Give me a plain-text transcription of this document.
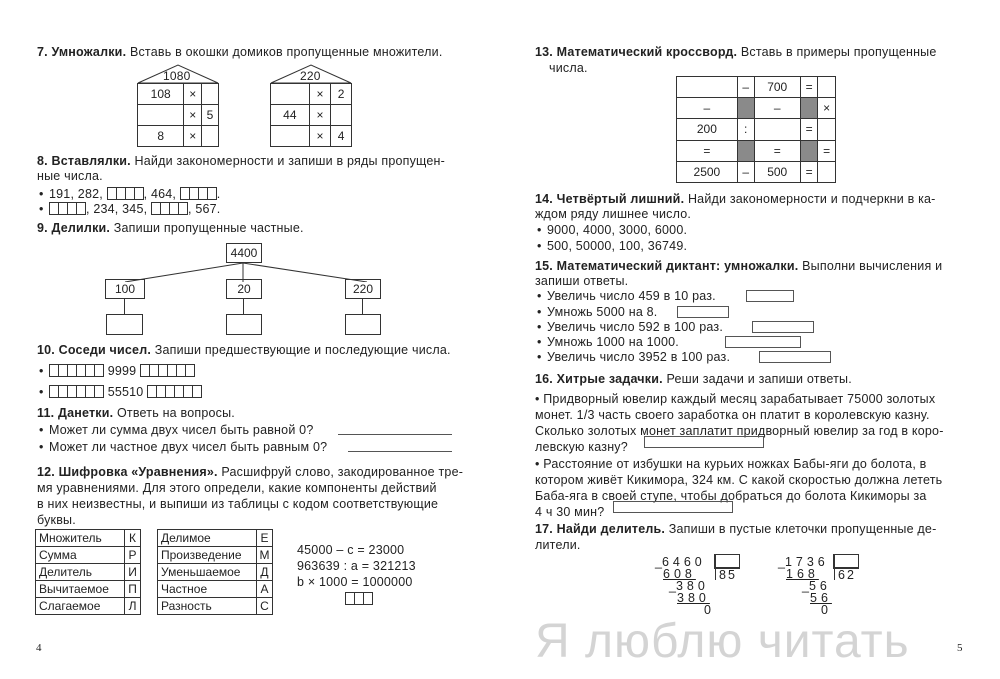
7. Умножалки. Вставь в окошки домиков пропущенные множители.

1080
108	×	
	×	5
8	×	
220
	×	2
44	×	
	×	4

8. Вставлялки. Найди закономерности и запиши в ряды пропущен-

ные числа.

• 191, 282,	, 464,	.

• , 234, 345,	, 567.

9. Делилки. Запиши пропущенные частные.

4400
100	20	220

10. Соседи чисел. Запиши предшествующие и последующие числа.

• 9999

• 55510

11. Данетки. Ответь на вопросы.

• Может ли сумма двух чисел быть равной 0?

• Может ли частное двух чисел быть равным 0?

12. Шифровка «Уравнения». Расшифруй слово, закодированное тре-

мя уравнениями. Для этого определи, какие компоненты действий

в них неизвестны, и выпиши из таблицы с кодом соответствующие

буквы.

Множитель	К
Сумма	Р
Делитель	И
Вычитаемое	П
Слагаемое	Л
Делимое	Е
Произведение	М
Уменьшаемое	Д
Частное	А
Разность	С

45000 – с = 23000

963639 : а = 321213

b × 1000 = 1000000

4

13. Математический кроссворд. Вставь в примеры пропущенные

числа.

	–	700	=	
–		–		×
200	:		=	
=		=		=
2500	–	500	=	

14. Четвёртый лишний. Найди закономерности и подчеркни в ка-

ждом ряду лишнее число.

• 9000, 4000, 3000, 6000.

• 500, 50000, 100, 36749.

15. Математический диктант: умножалки. Выполни вычисления и

запиши ответы.

• Увеличь число 459 в 10 раз.

• Умножь 5000 на 8.

• Увеличь число 592 в 100 раз.

• Умножь 1000 на 1000.

• Увеличь число 3952 в 100 раз.

16. Хитрые задачки. Реши задачи и запиши ответы.

• Придворный ювелир каждый месяц зарабатывает 75000 золотых

монет. 1/3 часть своего заработка он платит в королевскую казну.

Сколько золотых монет заплатит придворный ювелир за год в коро-

левскую казну?

• Расстояние от избушки на курьих ножках Бабы-яги до болота, в

котором живёт Кикимора, 324 км. С какой скоростью должна лететь

Баба-яга в своей ступе, чтобы добраться до болота Кикиморы за

4 ч 30 мин?

17. Найди делитель. Запиши в пустые клеточки пропущенные де-

лители.

_6460
608 85
_380
380
0
_1736
168 62
_56
56
0
Я люблю читать	5
